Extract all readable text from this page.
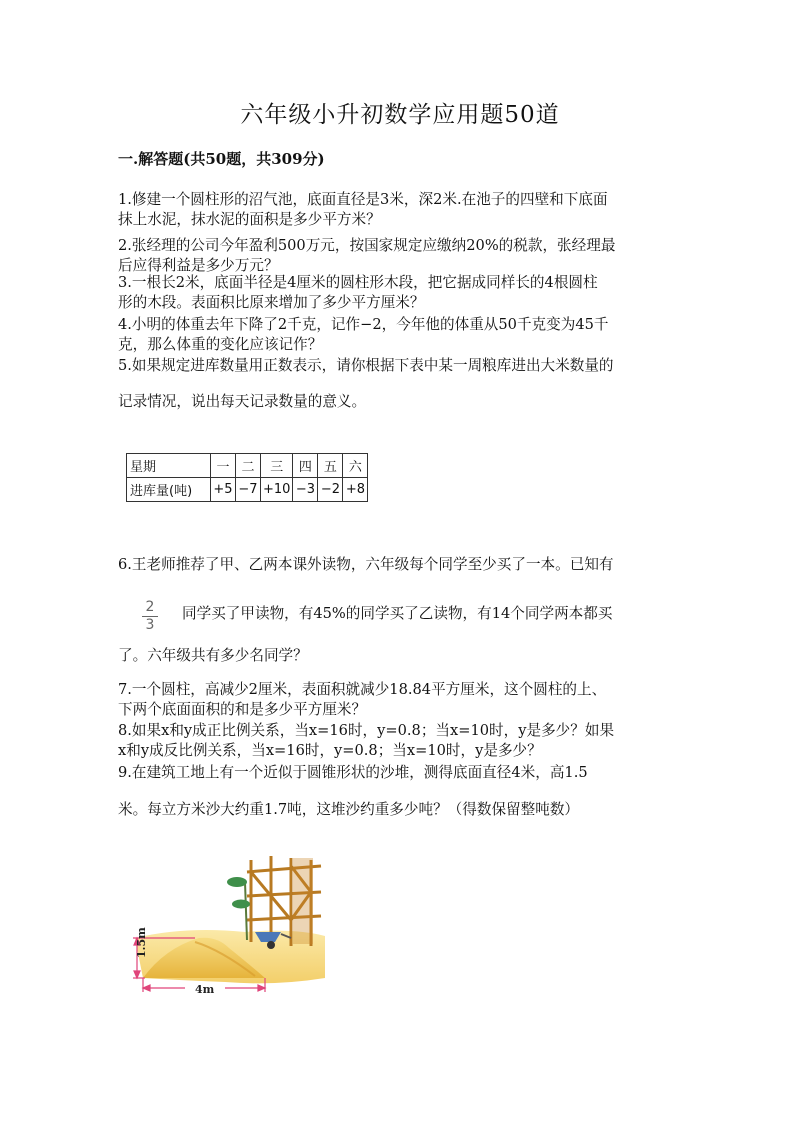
六年级小升初数学应用题50道
一.解答题(共50题，共309分)
1.修建一个圆柱形的沼气池，底面直径是3米，深2米.在池子的四壁和下底面
抹上水泥，抹水泥的面积是多少平方米？
2.张经理的公司今年盈利500万元，按国家规定应缴纳20%的税款，张经理最
后应得利益是多少万元？
3.一根长2米，底面半径是4厘米的圆柱形木段，把它据成同样长的4根圆柱
形的木段。表面积比原来增加了多少平方厘米？
4.小明的体重去年下降了2千克，记作−2，今年他的体重从50千克变为45千
克，那么体重的变化应该记作？
5.如果规定进库数量用正数表示，请你根据下表中某一周粮库进出大米数量的
记录情况，说出每天记录数量的意义。
星期	一	二	三	四	五	六
进库量(吨)	+5	−7	+10	−3	−2	+8
6.王老师推荐了甲、乙两本课外读物，六年级每个同学至少买了一本。已知有
2
3
同学买了甲读物，有45%的同学买了乙读物，有14个同学两本都买
了。六年级共有多少名同学？
7.一个圆柱，高减少2厘米，表面积就减少18.84平方厘米，这个圆柱的上、
下两个底面面积的和是多少平方厘米？
8.如果x和y成正比例关系，当x=16时，y=0.8；当x=10时，y是多少？如果
x和y成反比例关系，当x=16时，y=0.8；当x=10时，y是多少？
9.在建筑工地上有一个近似于圆锥形状的沙堆，测得底面直径4米，高1.5
米。每立方米沙大约重1.7吨，这堆沙约重多少吨？（得数保留整吨数）
1.5m
4m
